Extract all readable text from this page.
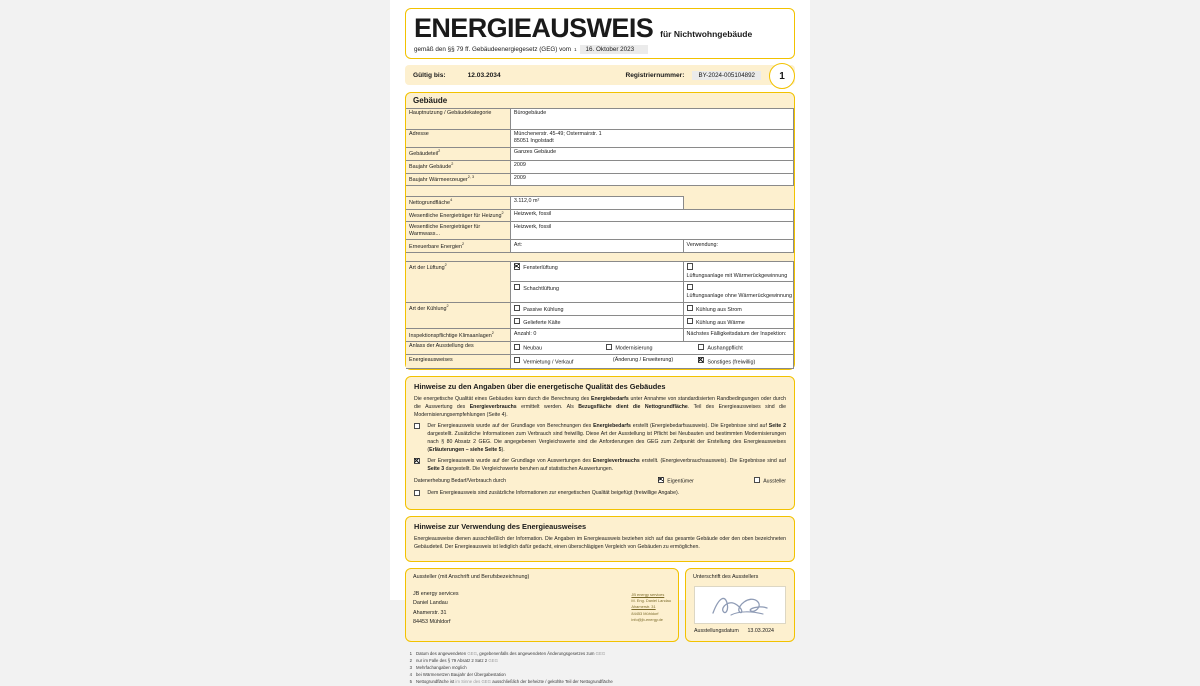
ENERGIEAUSWEIS für Nichtwohngebäude
gemäß den §§ 79 ff. Gebäudeenergiegesetz (GEG) vom 1	16. Oktober 2023
Gültig bis:	12.03.2034	Registriernummer:	BY-2024-005104892	1
Gebäude
Hauptnutzung / Gebäudekategorie	Bürogebäude
Adresse	Münchenerstr. 45-49; Ostermairstr. 1
85051 Ingolstadt

Gebäudeteil$^2$	Ganzes Gebäude
Baujahr Gebäude$^2$	2009
Baujahr Wärmeerzeuger$^{2, 3}$	2009

Nettogrundfläche$^4$	3.112,0 m²	
Wesentliche Energieträger für Heizung$^2$	Heizwerk, fossil
Wesentliche Energieträger für Warmwass...	Heizwerk, fossil
Erneuerbare Energien$^2$	Art:	Verwendung:

Art der Lüftung$^2$	Fensterlüftung	Lüftungsanlage mit Wärmerückgewinnung
Schachtlüftung	Lüftungsanlage ohne Wärmerückgewinnung
Art der Kühlung$^2$	Passive Kühlung	Kühlung aus Strom
Gelieferte Kälte	Kühlung aus Wärme
Inspektionspflichtige Klimaanlagen$^2$	Anzahl: 0	Nächstes Fälligkeitsdatum der Inspektion:
Anlass der Ausstellung des		Neubau	Modernisierung	Aushangpflicht

Energieausweises		Vermietung / Verkauf	(Änderung / Erweiterung)	Sonstiges (freiwillig)
Hinweise zu den Angaben über die energetische Qualität des Gebäudes

Die energetische Qualität eines Gebäudes kann durch die Berechnung des Energiebedarfs unter Annahme von standardisierten Randbedingungen oder durch die Auswertung des Energieverbrauchs ermittelt werden. Als Bezugsfläche dient die Nettogrundfläche. Teil des Energieausweises sind die Modernisierungsempfehlungen (Seite 4).

Der Energieausweis wurde auf der Grundlage von Berechnungen des Energiebedarfs erstellt (Energiebedarfsausweis). Die Ergebnisse sind auf Seite 2 dargestellt. Zusätzliche Informationen zum Verbrauch sind freiwillig. Diese Art der Ausstellung ist Pflicht bei Neubauten und bestimmten Modernisierungen nach § 80 Absatz 2 GEG. Die angegebenen Vergleichswerte sind die Anforderungen des GEG zum Zeitpunkt der Erstellung des Energieausweises (Erläuterungen – siehe Seite 5).
Der Energieausweis wurde auf der Grundlage von Auswertungen des Energieverbrauchs erstellt. (Energieverbrauchsausweis). Die Ergebnisse sind auf Seite 3 dargestellt. Die Vergleichswerte beruhen auf statistischen Auswertungen.
Datenerhebung Bedarf/Verbrauch durch	Eigentümer	Aussteller
Dem Energieausweis sind zusätzliche Informationen zur energetischen Qualität beigefügt (freiwillige Angabe).
Hinweise zur Verwendung des Energieausweises

Energieausweise dienen ausschließlich der Information. Die Angaben im Energieausweis beziehen sich auf das gesamte Gebäude oder den oben bezeichneten Gebäudeteil. Der Energieausweis ist lediglich dafür gedacht, einen überschlägigen Vergleich von Gebäuden zu ermöglichen.

Aussteller (mit Anschrift und Berufsbezeichnung)
JB energy services
Daniel Landau
Ahamerstr. 31
84453 Mühldorf
JB energy services
M. Eng. Daniel Landau
Ahamerstr. 31
84453 Mühldorf
info@jb-energy.de
Unterschrift des Ausstellers
Ausstellungsdatum 13.03.2024
1 Datum des angewendeten GEG, gegebenenfalls des angewendeten Änderungsgesetzes zum GEG
2 nur im Falle des § 79 Absatz 2 Satz 2 GEG
3 Mehrfachangaben möglich
4 bei Wärmenetzen Baujahr der Übergabestation
5 Nettogrundfläche ist im Sinne des GEG ausschließlich der beheizte / gekühlte Teil der Nettogrundfläche
